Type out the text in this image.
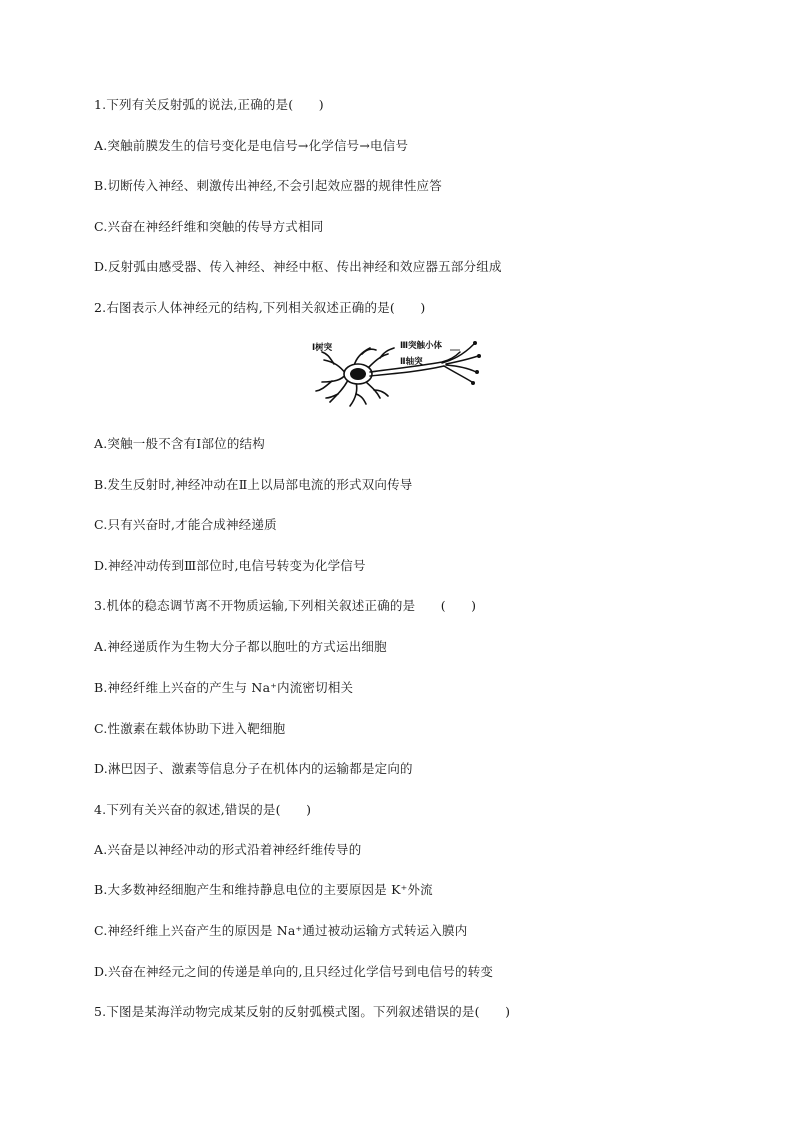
1.下列有关反射弧的说法,正确的是(　　)
A.突触前膜发生的信号变化是电信号→化学信号→电信号
B.切断传入神经、刺激传出神经,不会引起效应器的规律性应答
C.兴奋在神经纤维和突触的传导方式相同
D.反射弧由感受器、传入神经、神经中枢、传出神经和效应器五部分组成
2.右图表示人体神经元的结构,下列相关叙述正确的是(　　)
Ⅰ树突	Ⅲ突触小体
Ⅱ轴突
A.突触一般不含有Ⅰ部位的结构
B.发生反射时,神经冲动在Ⅱ上以局部电流的形式双向传导
C.只有兴奋时,才能合成神经递质
D.神经冲动传到Ⅲ部位时,电信号转变为化学信号
3.机体的稳态调节离不开物质运输,下列相关叙述正确的是　　(　　)
A.神经递质作为生物大分子都以胞吐的方式运出细胞
B.神经纤维上兴奋的产生与 Na⁺内流密切相关
C.性激素在载体协助下进入靶细胞
D.淋巴因子、激素等信息分子在机体内的运输都是定向的
4.下列有关兴奋的叙述,错误的是(　　)
A.兴奋是以神经冲动的形式沿着神经纤维传导的
B.大多数神经细胞产生和维持静息电位的主要原因是 K⁺外流
C.神经纤维上兴奋产生的原因是 Na⁺通过被动运输方式转运入膜内
D.兴奋在神经元之间的传递是单向的,且只经过化学信号到电信号的转变
5.下图是某海洋动物完成某反射的反射弧模式图。下列叙述错误的是(　　)
